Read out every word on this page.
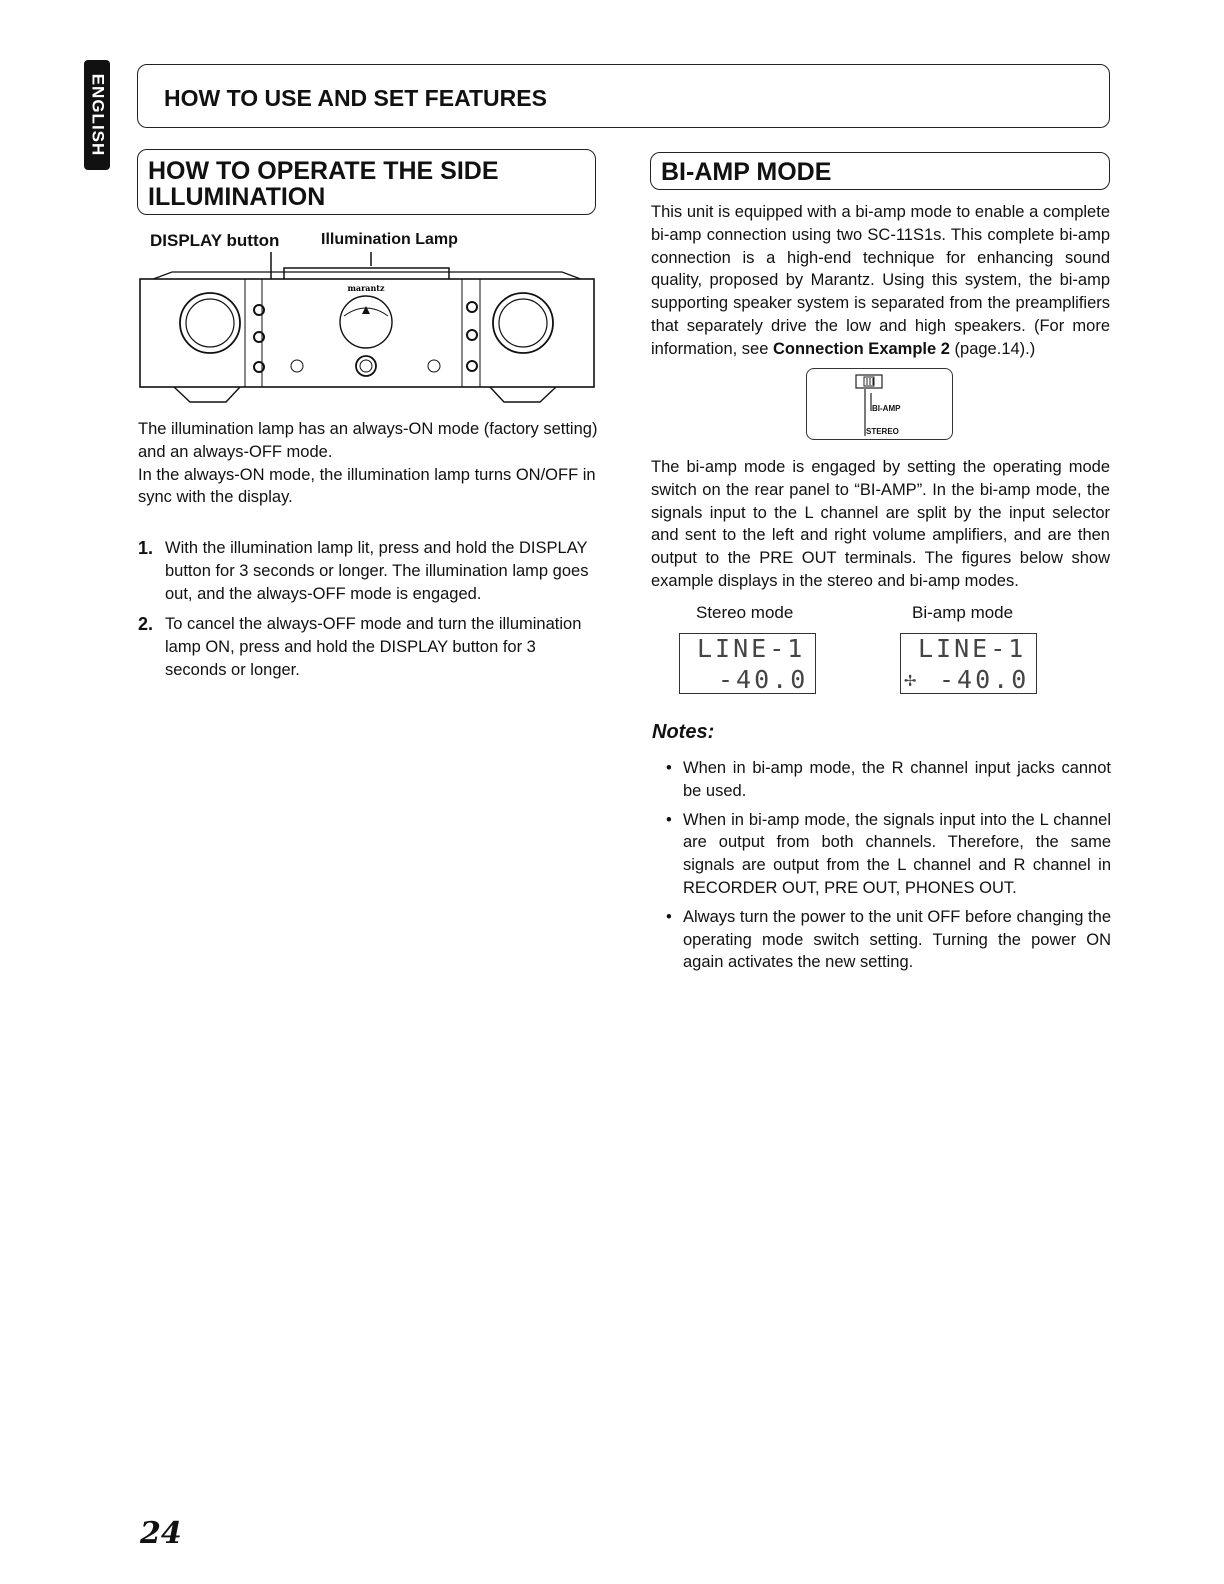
ENGLISH HOW TO USE AND SET FEATURES
HOW TO OPERATE THE SIDE
ILLUMINATION
DISPLAY button	Illumination Lamp
marantz

The illumination lamp has an always-ON mode (factory setting) and an always-OFF mode.

In the always-ON mode, the illumination lamp turns ON/OFF in sync with the display.

1. With the illumination lamp lit, press and hold the DISPLAY button for 3 seconds or longer. The illumination lamp goes out, and the always-OFF mode is engaged.
2. To cancel the always-OFF mode and turn the illumination lamp ON, press and hold the DISPLAY button for 3 seconds or longer.
BI-AMP MODE

This unit is equipped with a bi-amp mode to enable a complete bi-amp connection using two SC-11S1s. This complete bi-amp connection is a high-end technique for enhancing sound quality, proposed by Marantz. Using this system, the bi-amp supporting speaker system is separated from the preamplifiers that separately drive the low and high speakers. (For more information, see Connection Example 2 (page.14).)

BI-AMP
STEREO

The bi-amp mode is engaged by setting the operating mode switch on the rear panel to “BI-AMP”. In the bi-amp mode, the signals input to the L channel are split by the input selector and sent to the left and right volume amplifiers, and are then output to the PRE OUT terminals. The figures below show example displays in the stereo and bi-amp modes.

Stereo mode	Bi-amp mode
LINE-1
-40.0
LINE-1
✢ -40.0
Notes:
• When in bi-amp mode, the R channel input jacks cannot be used.
• When in bi-amp mode, the signals input into the L channel are output from both channels. Therefore, the same signals are output from the L channel and R channel in RECORDER OUT, PRE OUT, PHONES OUT.
• Always turn the power to the unit OFF before changing the operating mode switch setting. Turning the power ON again activates the new setting.
24
